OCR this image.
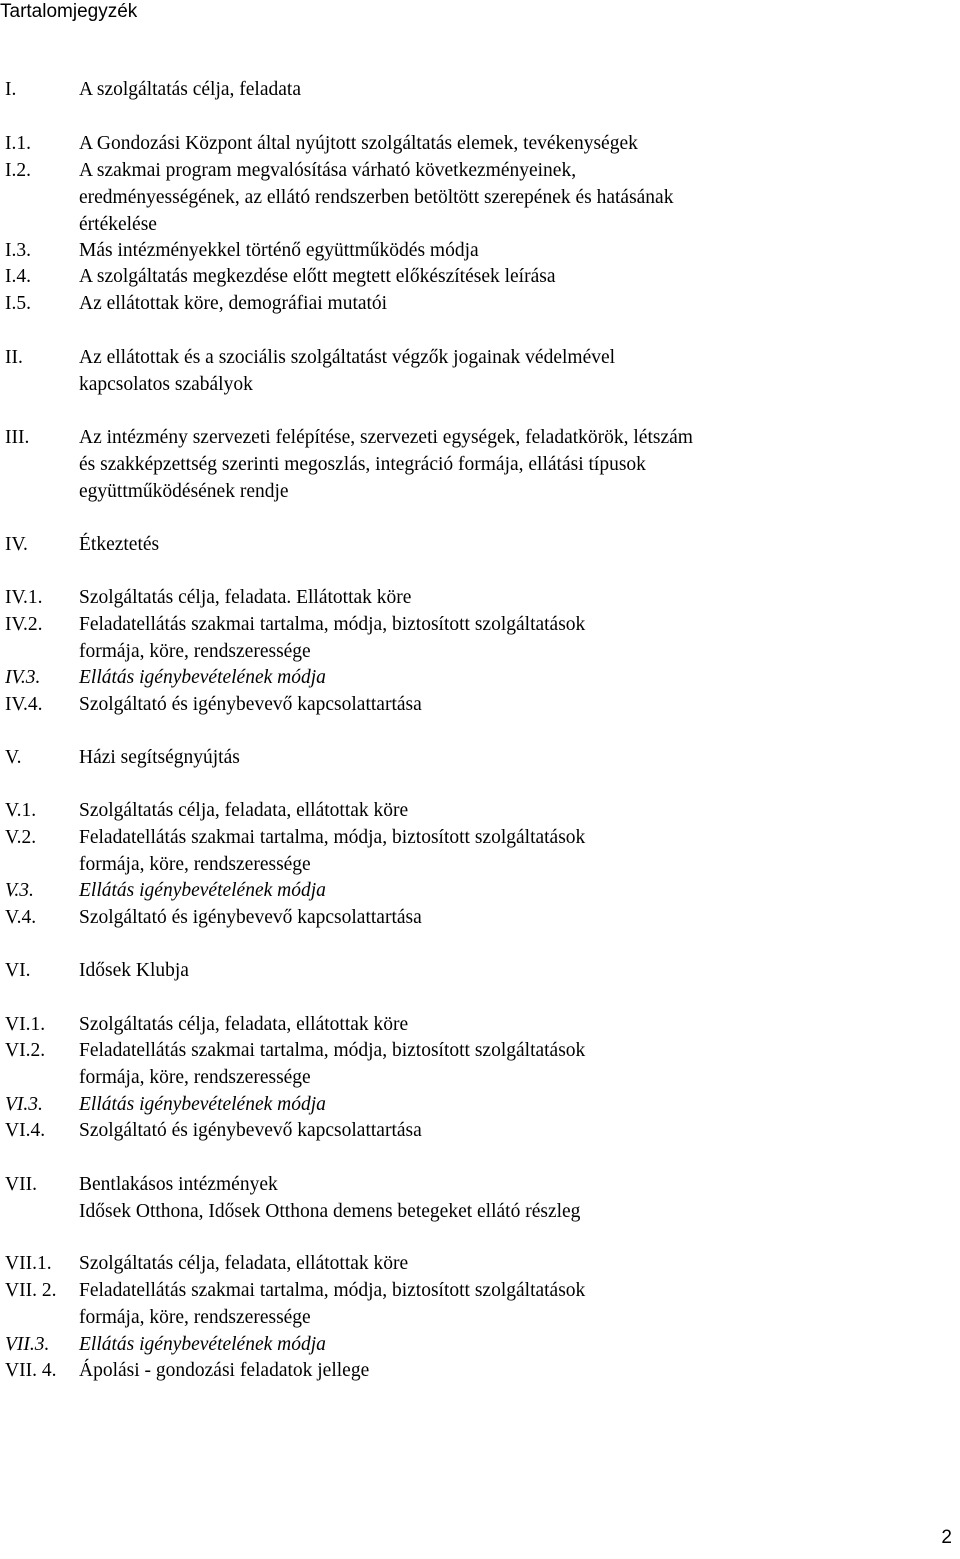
Tartalomjegyzék
I.	A szolgáltatás célja, feladata
I.1. A Gondozási Központ által nyújtott szolgáltatás elemek, tevékenységek
I.2. A szakmai program megvalósítása várható következményeinek,
eredményességének, az ellátó rendszerben betöltött szerepének és hatásának
értékelése
I.3. Más intézményekkel történő együttműködés módja
I.4. A szolgáltatás megkezdése előtt megtett előkészítések leírása
I.5. Az ellátottak köre, demográfiai mutatói
II.	Az ellátottak és a szociális szolgáltatást végzők jogainak védelmével
kapcsolatos szabályok
III.	Az intézmény szervezeti felépítése, szervezeti egységek, feladatkörök, létszám
és szakképzettség szerinti megoszlás, integráció formája, ellátási típusok
együttműködésének rendje
IV.	Étkeztetés
IV.1. Szolgáltatás célja, feladata. Ellátottak köre
IV.2. Feladatellátás szakmai tartalma, módja, biztosított szolgáltatások
formája, köre, rendszeressége
IV.3. Ellátás igénybevételének módja
IV.4. Szolgáltató és igénybevevő kapcsolattartása
V.	Házi segítségnyújtás
V.1. Szolgáltatás célja, feladata, ellátottak köre
V.2. Feladatellátás szakmai tartalma, módja, biztosított szolgáltatások
formája, köre, rendszeressége
V.3. Ellátás igénybevételének módja
V.4. Szolgáltató és igénybevevő kapcsolattartása
VI. Idősek Klubja
VI.1. Szolgáltatás célja, feladata, ellátottak köre
VI.2. Feladatellátás szakmai tartalma, módja, biztosított szolgáltatások
formája, köre, rendszeressége
VI.3. Ellátás igénybevételének módja
VI.4. Szolgáltató és igénybevevő kapcsolattartása
VII. Bentlakásos intézmények
Idősek Otthona, Idősek Otthona demens betegeket ellátó részleg
VII.1. Szolgáltatás célja, feladata, ellátottak köre
VII. 2. Feladatellátás szakmai tartalma, módja, biztosított szolgáltatások
formája, köre, rendszeressége
VII.3. Ellátás igénybevételének módja
VII. 4. Ápolási - gondozási feladatok jellege
2
